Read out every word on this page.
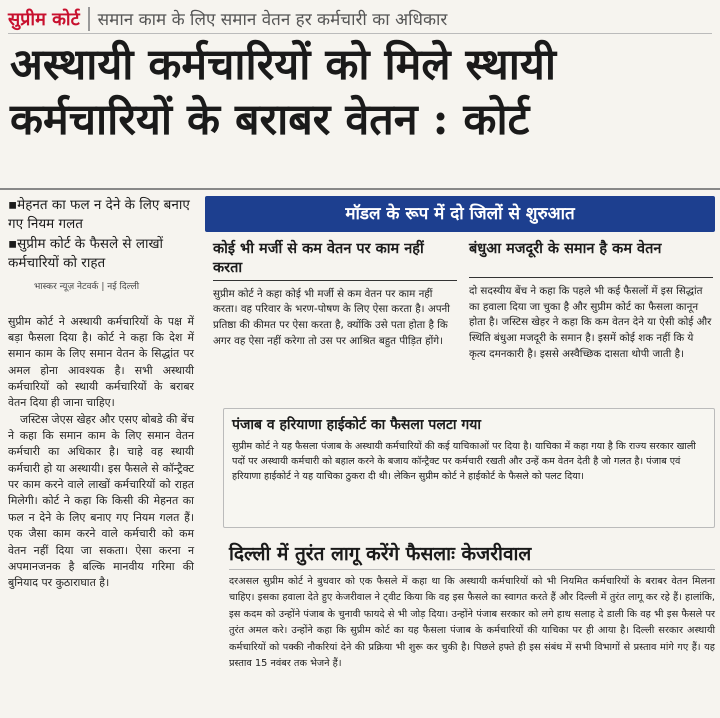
सुप्रीम कोर्ट	समान काम के लिए समान वेतन हर कर्मचारी का अधिकार
अस्थायी कर्मचारियों को मिले स्थायी
कर्मचारियों के बराबर वेतन : कोर्ट
▪ मेहनत का फल न देने के लिए बनाए गए नियम गलत
▪ सुप्रीम कोर्ट के फैसले से लाखों कर्मचारियों को राहत
भास्कर न्यूज़ नेटवर्क | नई दिल्ली

सुप्रीम कोर्ट ने अस्थायी कर्मचारियों के पक्ष में बड़ा फैसला दिया है। कोर्ट ने कहा कि देश में समान काम के लिए समान वेतन के सिद्धांत पर अमल होना आवश्यक है। सभी अस्थायी कर्मचारियों को स्थायी कर्मचारियों के बराबर वेतन दिया ही जाना चाहिए।

जस्टिस जेएस खेहर और एसए बोबडे की बेंच ने कहा कि समान काम के लिए समान वेतन कर्मचारी का अधिकार है। चाहे वह स्थायी कर्मचारी हो या अस्थायी। इस फैसले से कॉन्ट्रैक्ट पर काम करने वाले लाखों कर्मचारियों को राहत मिलेगी। कोर्ट ने कहा कि किसी की मेहनत का फल न देने के लिए बनाए गए नियम गलत हैं। एक जैसा काम करने वाले कर्मचारी को कम वेतन नहीं दिया जा सकता। ऐसा करना न अपमानजनक है बल्कि मानवीय गरिमा की बुनियाद पर कुठाराघात है।

मॉडल के रूप में दो जिलों से शुरुआत
कोई भी मर्जी से कम वेतन पर काम नहीं करता
सुप्रीम कोर्ट ने कहा कोई भी मर्जी से कम वेतन पर काम नहीं करता। वह परिवार के भरण-पोषण के लिए ऐसा करता है। अपनी प्रतिष्ठा की कीमत पर ऐसा करता है, क्योंकि उसे पता होता है कि अगर वह ऐसा नहीं करेगा तो उस पर आश्रित बहुत पीड़ित होंगे।
बंधुआ मजदूरी के समान है कम वेतन
दो सदस्यीय बेंच ने कहा कि पहले भी कई फैसलों में इस सिद्धांत का हवाला दिया जा चुका है और सुप्रीम कोर्ट का फैसला कानून होता है। जस्टिस खेहर ने कहा कि कम वेतन देने या ऐसी कोई और स्थिति बंधुआ मजदूरी के समान है। इसमें कोई शक नहीं कि ये कृत्य दमनकारी है। इससे अस्वैच्छिक दासता थोपी जाती है।
पंजाब व हरियाणा हाईकोर्ट का फैसला पलटा गया
सुप्रीम कोर्ट ने यह फैसला पंजाब के अस्थायी कर्मचारियों की कई याचिकाओं पर दिया है। याचिका में कहा गया है कि राज्य सरकार खाली पदों पर अस्थायी कर्मचारी को बहाल करने के बजाय कॉन्ट्रैक्ट पर कर्मचारी रखती और उन्हें कम वेतन देती है जो गलत है। पंजाब एवं हरियाणा हाईकोर्ट ने यह याचिका ठुकरा दी थी। लेकिन सुप्रीम कोर्ट ने हाईकोर्ट के फैसले को पलट दिया।
दिल्ली में तुरंत लागू करेंगे फैसलाः केजरीवाल
दरअसल सुप्रीम कोर्ट ने बुधवार को एक फैसले में कहा था कि अस्थायी कर्मचारियों को भी नियमित कर्मचारियों के बराबर वेतन मिलना चाहिए। इसका हवाला देते हुए केजरीवाल ने ट्वीट किया कि वह इस फैसले का स्वागत करते हैं और दिल्ली में तुरंत लागू कर रहे हैं। हालांकि, इस कदम को उन्होंने पंजाब के चुनावी फायदे से भी जोड़ दिया। उन्होंने पंजाब सरकार को लगे हाथ सलाह दे डाली कि वह भी इस फैसले पर तुरंत अमल करे। उन्होंने कहा कि सुप्रीम कोर्ट का यह फैसला पंजाब के कर्मचारियों की याचिका पर ही आया है। दिल्ली सरकार अस्थायी कर्मचारियों को पक्की नौकरियां देने की प्रक्रिया भी शुरू कर चुकी है। पिछले हफ्ते ही इस संबंध में सभी विभागों से प्रस्ताव मांगे गए हैं। यह प्रस्ताव 15 नवंबर तक भेजने हैं।
